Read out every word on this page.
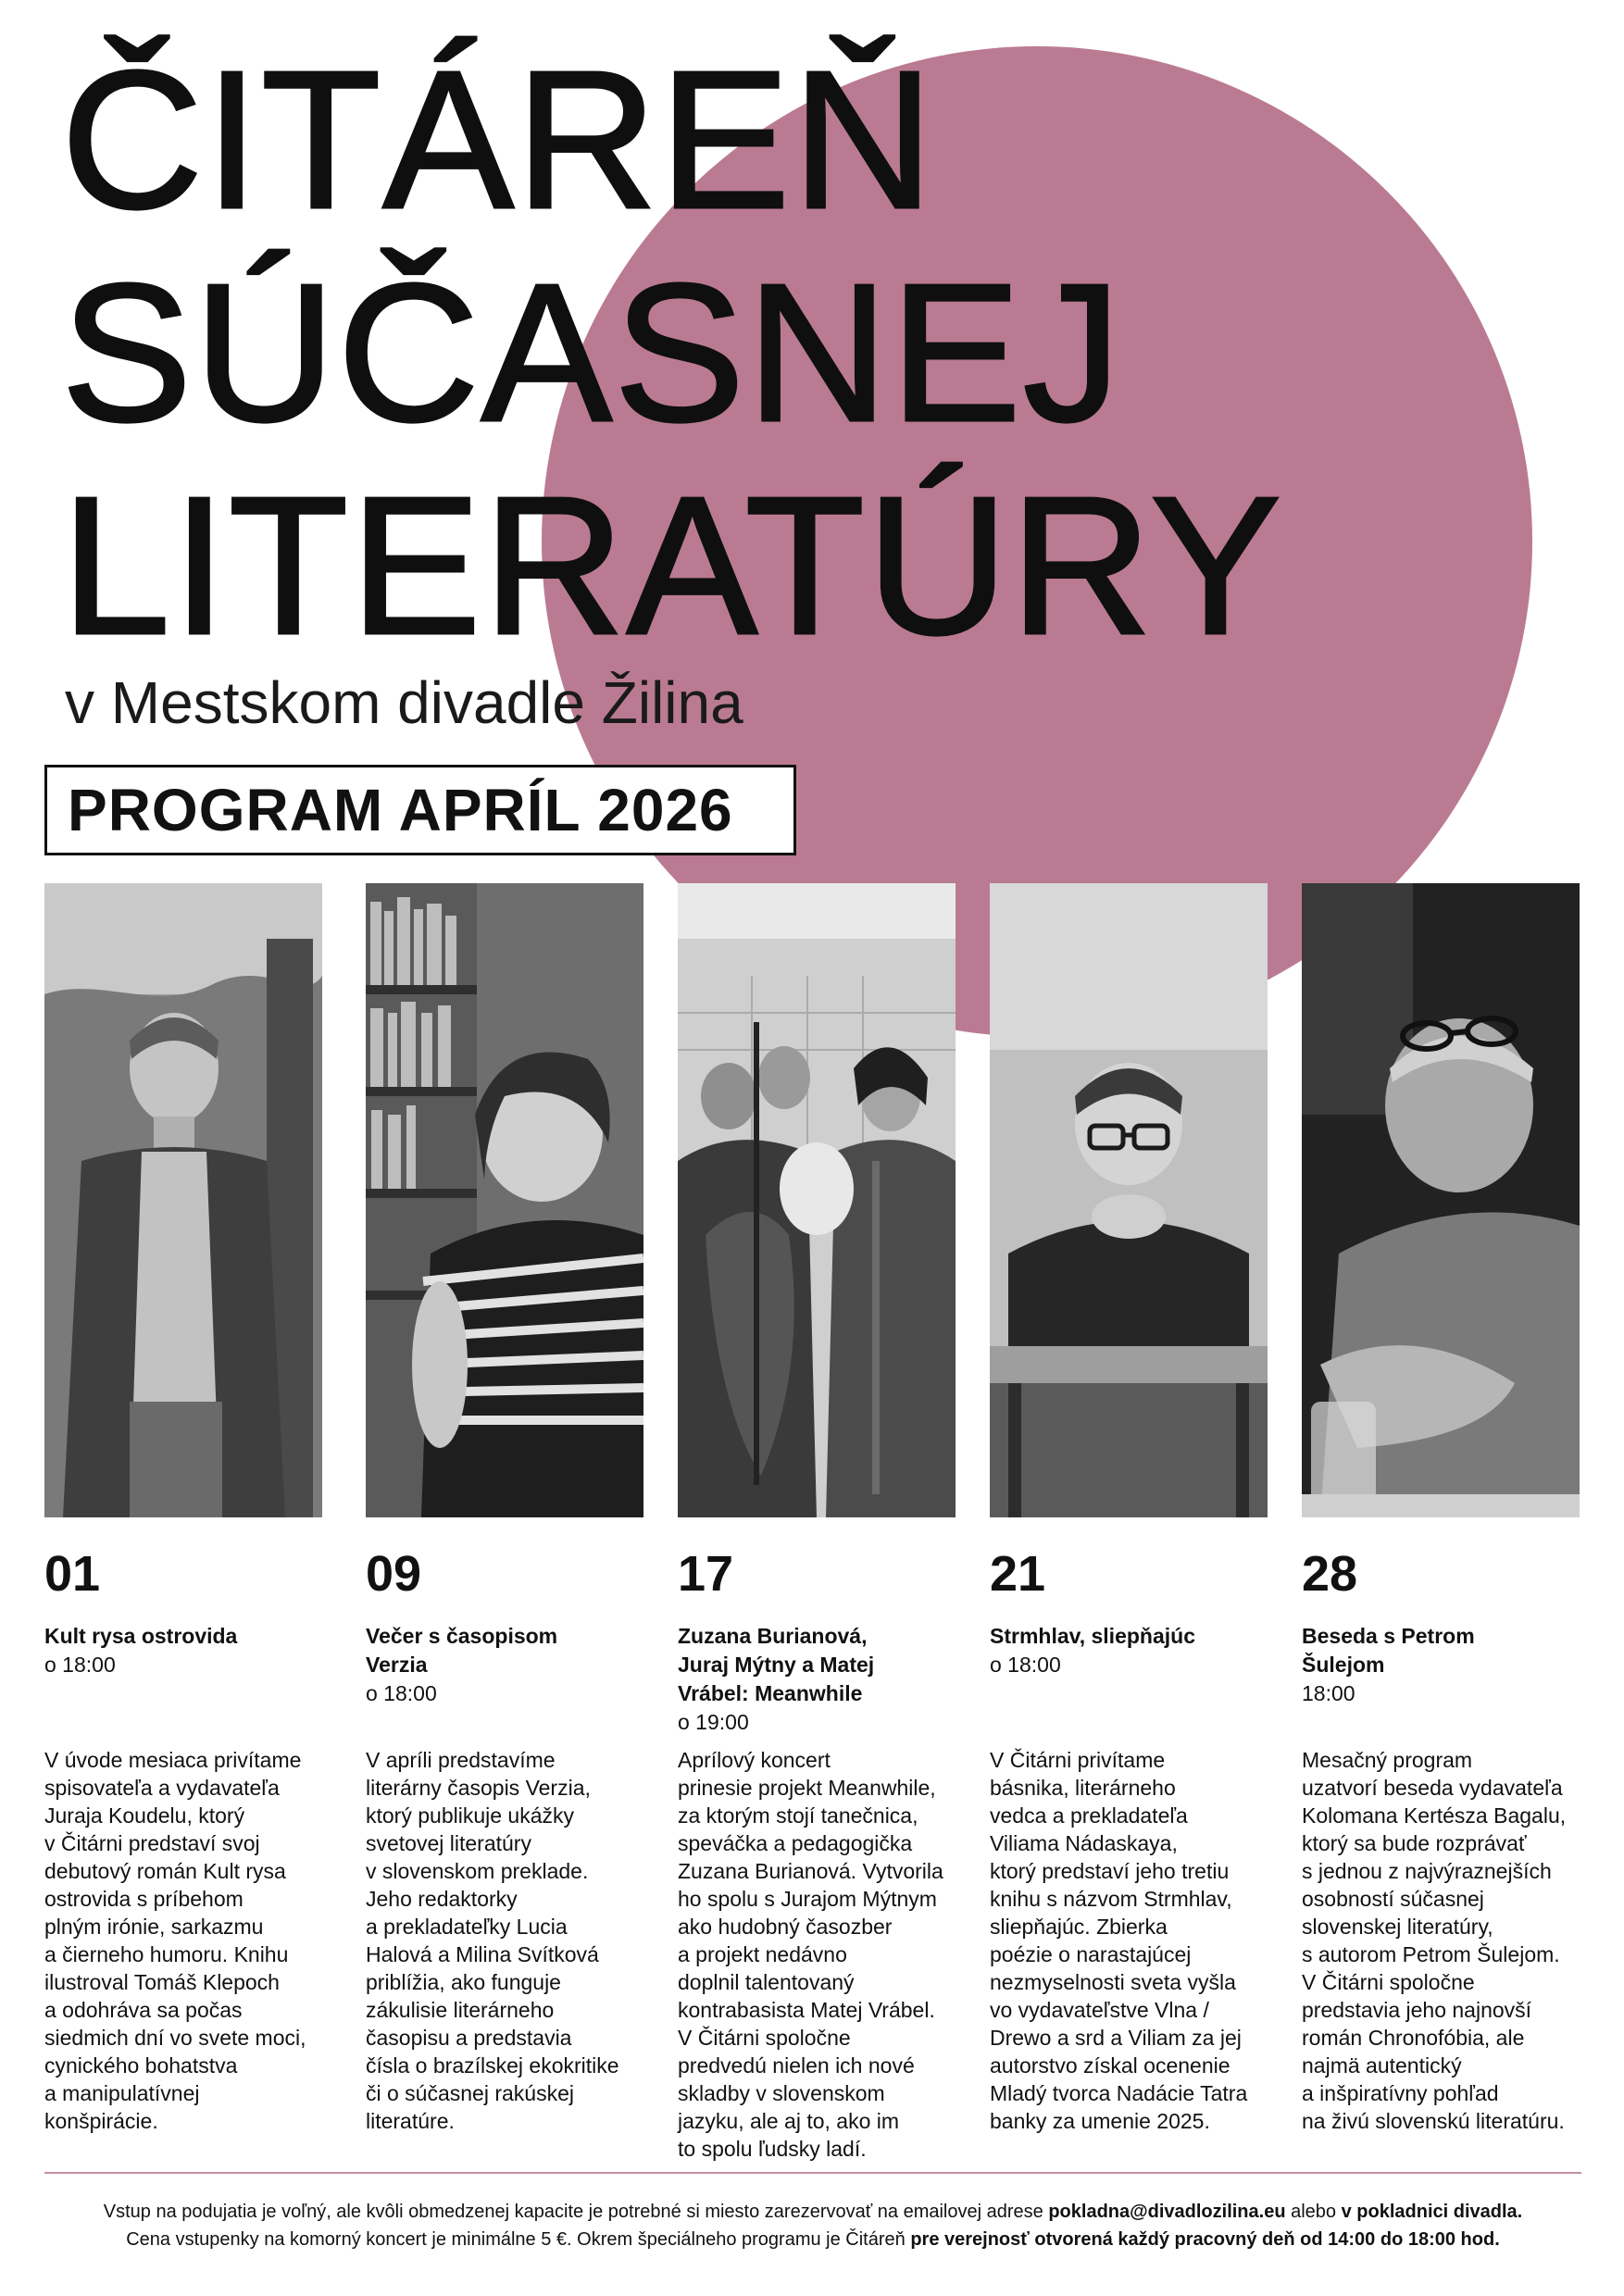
ČITÁREŇ
SÚČASNEJ
LITERATÚRY
v Mestskom divadle Žilina
PROGRAM APRÍL 2026
01
Kult rysa ostrovida
o 18:00
V úvode mesiaca privítame
spisovateľa a vydavateľa
Juraja Koudelu, ktorý
v Čitárni predstaví svoj
debutový román Kult rysa
ostrovida s príbehom
plným irónie, sarkazmu
a čierneho humoru. Knihu
ilustroval Tomáš Klepoch
a odohráva sa počas
siedmich dní vo svete moci,
cynického bohatstva
a manipulatívnej
konšpirácie.
09
Večer s časopisom Verzia
o 18:00
V apríli predstavíme
literárny časopis Verzia,
ktorý publikuje ukážky
svetovej literatúry
v slovenskom preklade.
Jeho redaktorky
a prekladateľky Lucia
Halová a Milina Svítková
priblížia, ako funguje
zákulisie literárneho
časopisu a predstavia
čísla o brazílskej ekokritike
či o súčasnej rakúskej
literatúre.
17
Zuzana Burianová, Juraj Mýtny a Matej Vrábel: Meanwhile
o 19:00
Aprílový koncert
prinesie projekt Meanwhile,
za ktorým stojí tanečnica,
speváčka a pedagogička
Zuzana Burianová. Vytvorila
ho spolu s Jurajom Mýtnym
ako hudobný časozber
a projekt nedávno
doplnil talentovaný
kontrabasista Matej Vrábel.
V Čitárni spoločne
predvedú nielen ich nové
skladby v slovenskom
jazyku, ale aj to, ako im
to spolu ľudsky ladí.
21
Strmhlav, sliepňajúc
o 18:00
V Čitárni privítame
básnika, literárneho
vedca a prekladateľa
Viliama Nádaskaya,
ktorý predstaví jeho tretiu
knihu s názvom Strmhlav,
sliepňajúc. Zbierka
poézie o narastajúcej
nezmyselnosti sveta vyšla
vo vydavateľstve Vlna /
Drewo a srd a Viliam za jej
autorstvo získal ocenenie
Mladý tvorca Nadácie Tatra
banky za umenie 2025.
28
Beseda s Petrom Šulejom
18:00
Mesačný program
uzatvorí beseda vydavateľa
Kolomana Kertésza Bagalu,
ktorý sa bude rozprávať
s jednou z najvýraznejších
osobností súčasnej
slovenskej literatúry,
s autorom Petrom Šulejom.
V Čitárni spoločne
predstavia jeho najnovší
román Chronofóbia, ale
najmä autentický
a inšpiratívny pohľad
na živú slovenskú literatúru.
Vstup na podujatia je voľný, ale kvôli obmedzenej kapacite je potrebné si miesto zarezervovať na emailovej adrese pokladna@divadlozilina.eu alebo v pokladnici divadla.
Cena vstupenky na komorný koncert je minimálne 5 €. Okrem špeciálneho programu je Čitáreň pre verejnosť otvorená každý pracovný deň od 14:00 do 18:00 hod.
